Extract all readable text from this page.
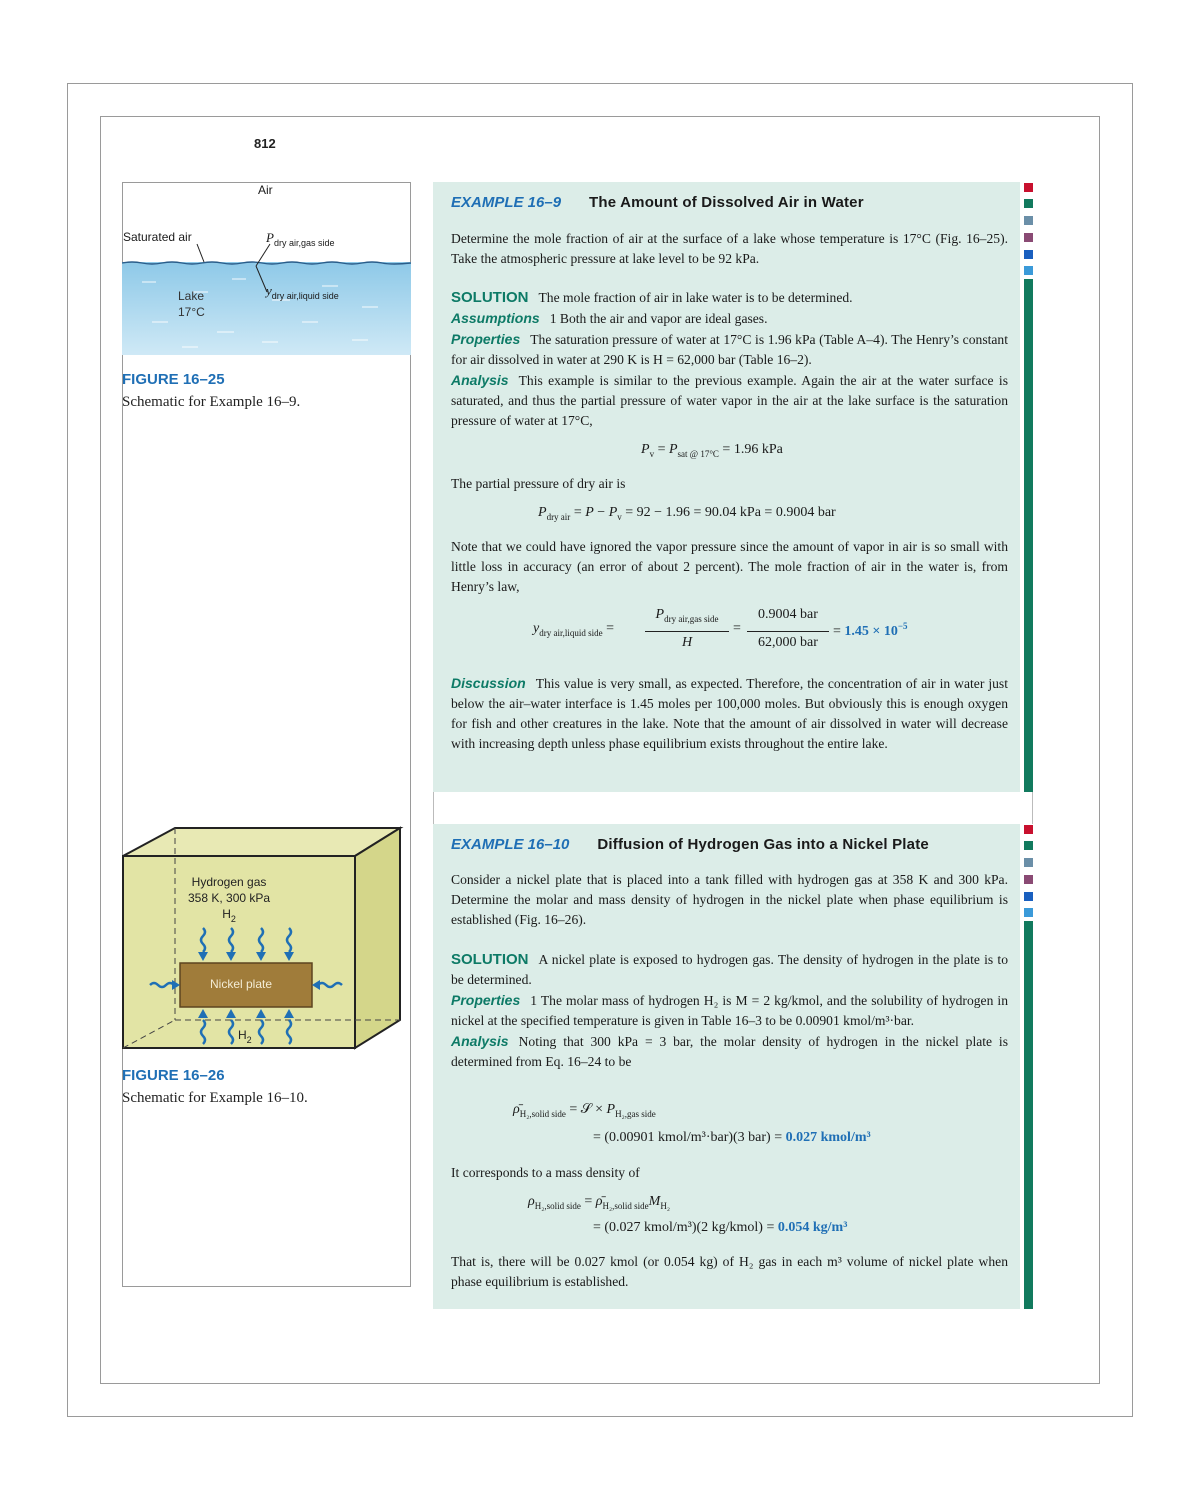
812
Air
Saturated air	$P_{dry air,gas side}$
$y_{dry air,liquid side}$
Lake
17°C
FIGURE 16–25
Schematic for Example 16–9.
Hydrogen gas
358 K, 300 kPa
$H_2$
Nickel plate
$H_2$
FIGURE 16–26
Schematic for Example 16–10.
EXAMPLE 16–9 The Amount of Dissolved Air in Water
Determine the mole fraction of air at the surface of a lake whose temperature is 17°C (Fig. 16–25). Take the atmospheric pressure at lake level to be 92 kPa.
SOLUTION The mole fraction of air in lake water is to be determined.
Assumptions 1 Both the air and vapor are ideal gases.
Properties The saturation pressure of water at 17°C is 1.96 kPa (Table A–4). The Henry’s constant for air dissolved in water at 290 K is H = 62,000 bar (Table 16–2).
Analysis This example is similar to the previous example. Again the air at the water surface is saturated, and thus the partial pressure of water vapor in the air at the lake surface is the saturation pressure of water at 17°C,
$P_v = P_{sat @ 17^\circ C} = 1.96$ kPa
The partial pressure of dry air is
$P_{dry air} = P - P_v = 92 - 1.96 = 90.04$ kPa = 0.9004 bar
Note that we could have ignored the vapor pressure since the amount of vapor in air is so small with little loss in accuracy (an error of about 2 percent). The mole fraction of air in the water is, from Henry’s law,
$y_{dry air,liquid side}$ =
$P_{dry air,gas side}$
H
=
0.9004 bar
62,000 bar
= $1.45 \times 10^{-5}$
Discussion This value is very small, as expected. Therefore, the concentration of air in water just below the air–water interface is 1.45 moles per 100,000 moles. But obviously this is enough oxygen for fish and other creatures in the lake. Note that the amount of air dissolved in water will decrease with increasing depth unless phase equilibrium exists throughout the entire lake.
EXAMPLE 16–10 Diffusion of Hydrogen Gas into a Nickel Plate
Consider a nickel plate that is placed into a tank filled with hydrogen gas at 358 K and 300 kPa. Determine the molar and mass density of hydrogen in the nickel plate when phase equilibrium is established (Fig. 16–26).
SOLUTION A nickel plate is exposed to hydrogen gas. The density of hydrogen in the plate is to be determined.
Properties 1 The molar mass of hydrogen H₂ is M = 2 kg/kmol, and the solubility of hydrogen in nickel at the specified temperature is given in Table 16–3 to be 0.00901 kmol/m³·bar.
Analysis Noting that 300 kPa = 3 bar, the molar density of hydrogen in the nickel plate is determined from Eq. 16–24 to be
$\rhō_{H_2,solid side}$ = 𝒮 × $P_{H_2,gas side}$
= (0.00901 kmol/m³·bar)(3 bar) = 0.027 kmol/m³
It corresponds to a mass density of
$\rho_{H_2,solid side}$ = $\rhō_{H_2,solid side}M_{H_2}$
= (0.027 kmol/m³)(2 kg/kmol) = 0.054 kg/m³
That is, there will be 0.027 kmol (or 0.054 kg) of H₂ gas in each m³ volume of nickel plate when phase equilibrium is established.
